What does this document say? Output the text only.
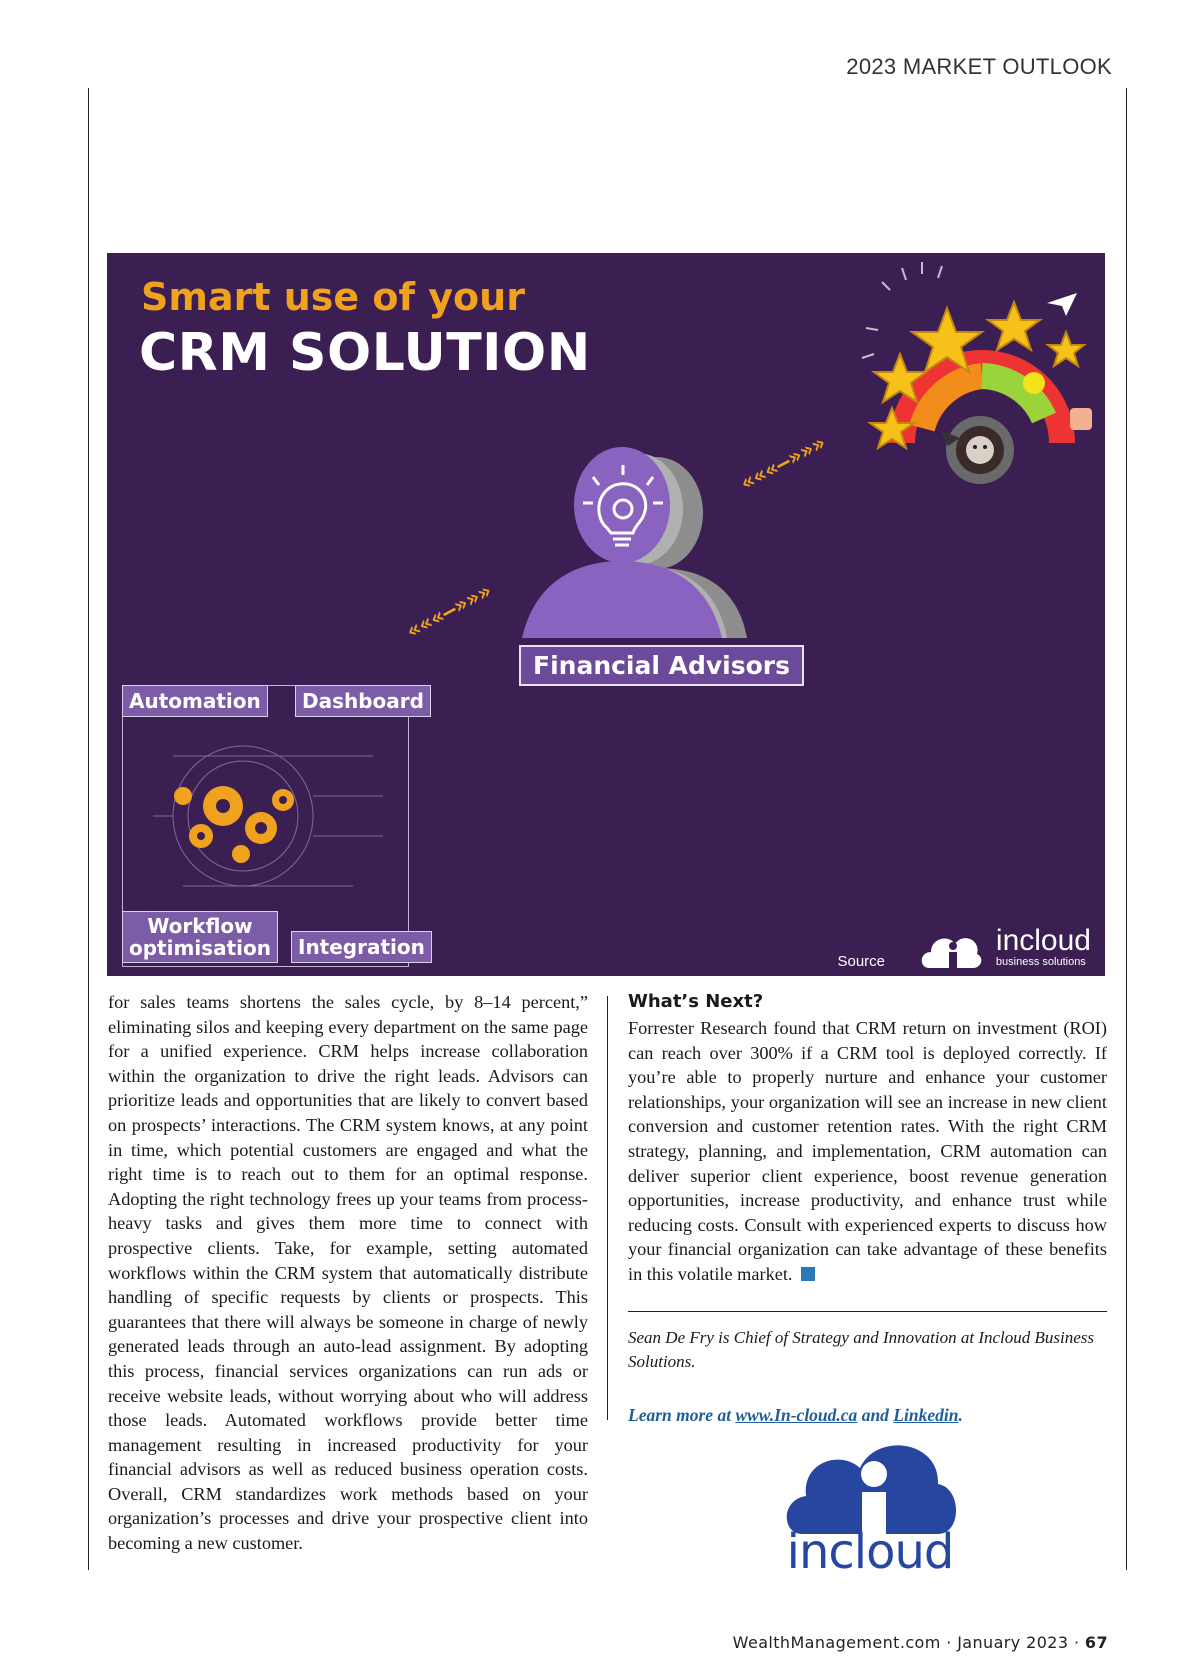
2023 MARKET OUTLOOK
Smart use of your
CRM SOLUTION
«««—»»»
«««—»»»
Financial Advisors
Automation	Dashboard
Workflow
optimisation	Integration
Source
incloud
business solutions

for sales teams shortens the sales cycle, by 8–14 percent,” eliminating silos and keeping every department on the same page for a unified experience. CRM helps increase collaboration within the organization to drive the right leads. Advisors can prioritize leads and opportunities that are likely to convert based on prospects’ interactions. The CRM system knows, at any point in time, which potential customers are engaged and what the right time is to reach out to them for an optimal response. Adopting the right technology frees up your teams from process-heavy tasks and gives them more time to connect with prospective clients. Take, for example, setting automated workflows within the CRM system that automatically distribute handling of specific requests by clients or prospects. This guarantees that there will always be someone in charge of newly generated leads through an auto-lead assignment. By adopting this process, financial services organizations can run ads or receive website leads, without worrying about who will address those leads. Automated workflows provide better time management resulting in increased productivity for your financial advisors as well as reduced business operation costs. Overall, CRM standardizes work methods based on your organization’s processes and drive your prospective client into becoming a new customer.

What’s Next?

Forrester Research found that CRM return on investment (ROI) can reach over 300% if a CRM tool is deployed correctly. If you’re able to properly nurture and enhance your customer relationships, your organization will see an increase in new client conversion and customer retention rates. With the right CRM strategy, planning, and implementation, CRM automation can deliver superior client experience, boost revenue generation opportunities, increase productivity, and enhance trust while reducing costs. Consult with experienced experts to discuss how your financial organization can take advantage of these benefits in this volatile market.

Sean De Fry is Chief of Strategy and Innovation at Incloud Business Solutions.

Learn more at www.In-cloud.ca and Linkedin.

incloud
WealthManagement.com · January 2023 · 67
